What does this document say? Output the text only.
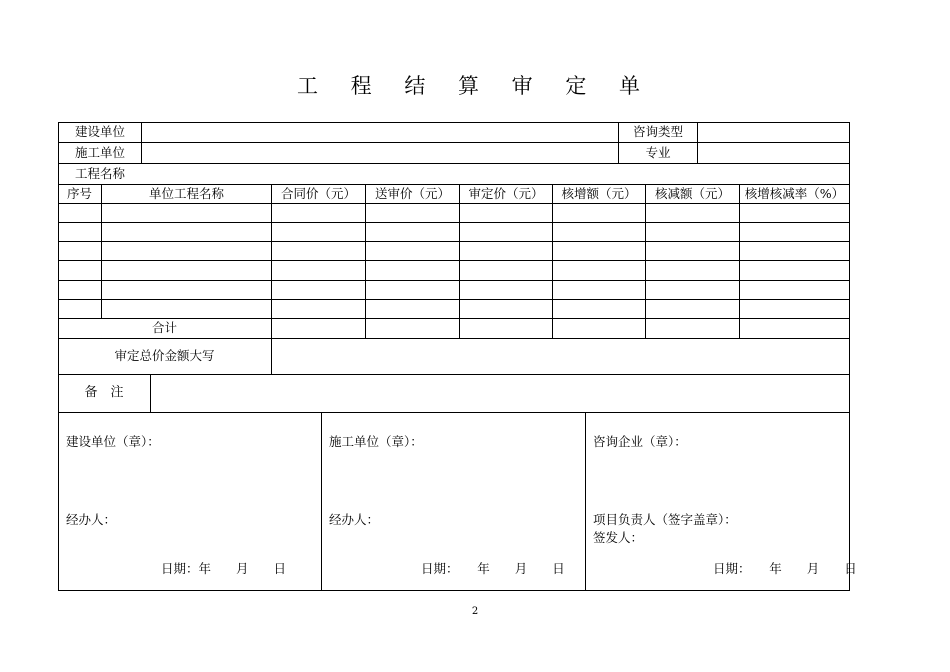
工 程 结 算 审 定 单
建设单位	咨询类型
施工单位	专业
工程名称
序号	单位工程名称	合同价（元）	送审价（元）	审定价（元）	核增额（元）	核减额（元）	核增核减率（%）
合计
审定总价金额大写
备　注
建设单位（章）：
经办人：
日期：年　　月　　日
施工单位（章）：
经办人：
日期：　　年　　月　　日
咨询企业（章）：
项目负责人（签字盖章）：
签发人：
日期：　　年　　月　　日
2
